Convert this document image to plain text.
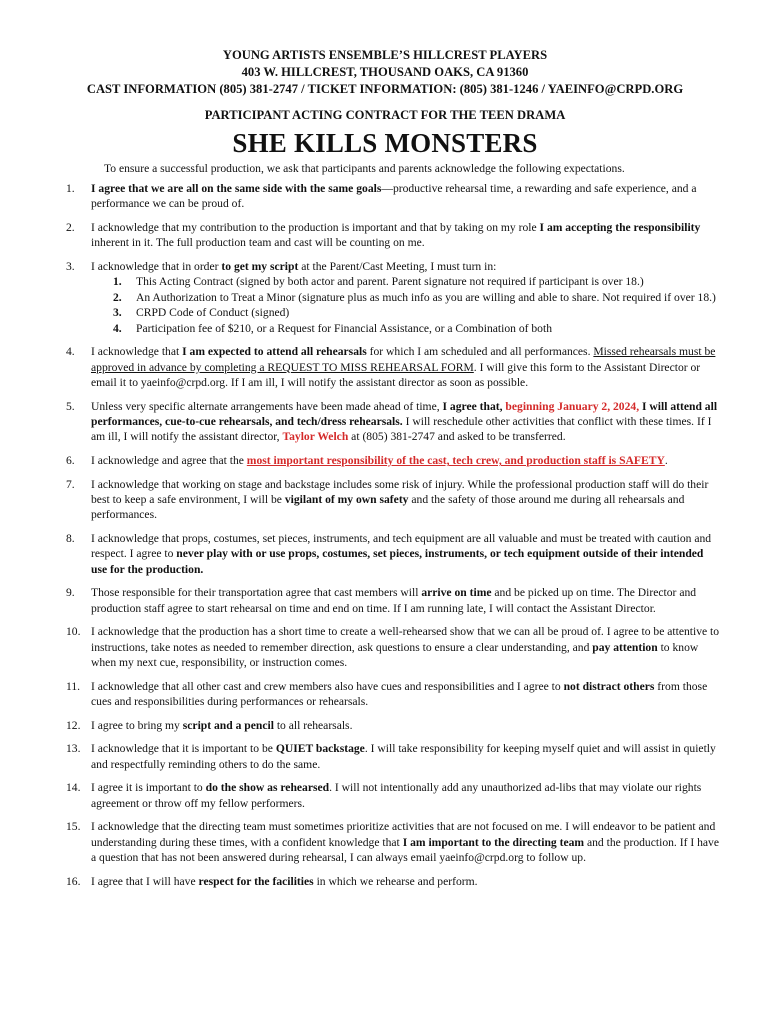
YOUNG ARTISTS ENSEMBLE’S HILLCREST PLAYERS
403 W. HILLCREST, THOUSAND OAKS, CA 91360
CAST INFORMATION (805) 381-2747 / TICKET INFORMATION: (805) 381-1246 / YAEINFO@CRPD.ORG
PARTICIPANT ACTING CONTRACT FOR THE TEEN DRAMA
SHE KILLS MONSTERS
To ensure a successful production, we ask that participants and parents acknowledge the following expectations.
1. I agree that we are all on the same side with the same goals—productive rehearsal time, a rewarding and safe experience, and a performance we can be proud of.
2. I acknowledge that my contribution to the production is important and that by taking on my role I am accepting the responsibility inherent in it. The full production team and cast will be counting on me.
3. I acknowledge that in order to get my script at the Parent/Cast Meeting, I must turn in:
1. This Acting Contract (signed by both actor and parent. Parent signature not required if participant is over 18.)
2. An Authorization to Treat a Minor (signature plus as much info as you are willing and able to share. Not required if over 18.)
3. CRPD Code of Conduct (signed)
4. Participation fee of $210, or a Request for Financial Assistance, or a Combination of both
4. I acknowledge that I am expected to attend all rehearsals for which I am scheduled and all performances. Missed rehearsals must be approved in advance by completing a REQUEST TO MISS REHEARSAL FORM. I will give this form to the Assistant Director or email it to yaeinfo@crpd.org. If I am ill, I will notify the assistant director as soon as possible.
5. Unless very specific alternate arrangements have been made ahead of time, I agree that, beginning January 2, 2024, I will attend all performances, cue-to-cue rehearsals, and tech/dress rehearsals. I will reschedule other activities that conflict with these times. If I am ill, I will notify the assistant director, Taylor Welch at (805) 381-2747 and asked to be transferred.
6. I acknowledge and agree that the most important responsibility of the cast, tech crew, and production staff is SAFETY.
7. I acknowledge that working on stage and backstage includes some risk of injury. While the professional production staff will do their best to keep a safe environment, I will be vigilant of my own safety and the safety of those around me during all rehearsals and performances.
8. I acknowledge that props, costumes, set pieces, instruments, and tech equipment are all valuable and must be treated with caution and respect. I agree to never play with or use props, costumes, set pieces, instruments, or tech equipment outside of their intended use for the production.
9. Those responsible for their transportation agree that cast members will arrive on time and be picked up on time. The Director and production staff agree to start rehearsal on time and end on time. If I am running late, I will contact the Assistant Director.
10. I acknowledge that the production has a short time to create a well-rehearsed show that we can all be proud of. I agree to be attentive to instructions, take notes as needed to remember direction, ask questions to ensure a clear understanding, and pay attention to know when my next cue, responsibility, or instruction comes.
11. I acknowledge that all other cast and crew members also have cues and responsibilities and I agree to not distract others from those cues and responsibilities during performances or rehearsals.
12. I agree to bring my script and a pencil to all rehearsals.
13. I acknowledge that it is important to be QUIET backstage. I will take responsibility for keeping myself quiet and will assist in quietly and respectfully reminding others to do the same.
14. I agree it is important to do the show as rehearsed. I will not intentionally add any unauthorized ad-libs that may violate our rights agreement or throw off my fellow performers.
15. I acknowledge that the directing team must sometimes prioritize activities that are not focused on me. I will endeavor to be patient and understanding during these times, with a confident knowledge that I am important to the directing team and the production. If I have a question that has not been answered during rehearsal, I can always email yaeinfo@crpd.org to follow up.
16. I agree that I will have respect for the facilities in which we rehearse and perform.
